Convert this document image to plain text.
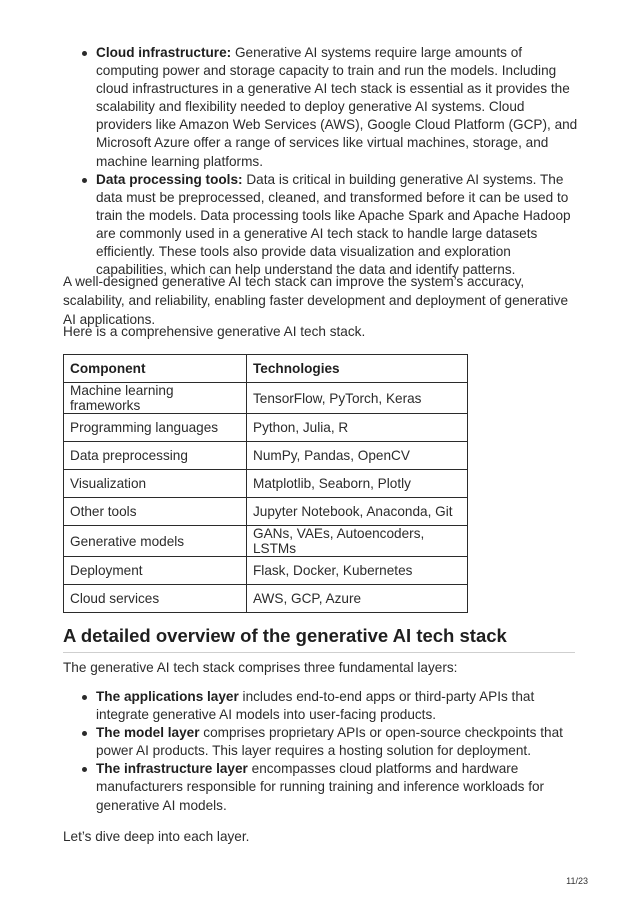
Cloud infrastructure: Generative AI systems require large amounts of computing power and storage capacity to train and run the models. Including cloud infrastructures in a generative AI tech stack is essential as it provides the scalability and flexibility needed to deploy generative AI systems. Cloud providers like Amazon Web Services (AWS), Google Cloud Platform (GCP), and Microsoft Azure offer a range of services like virtual machines, storage, and machine learning platforms.
Data processing tools: Data is critical in building generative AI systems. The data must be preprocessed, cleaned, and transformed before it can be used to train the models. Data processing tools like Apache Spark and Apache Hadoop are commonly used in a generative AI tech stack to handle large datasets efficiently. These tools also provide data visualization and exploration capabilities, which can help understand the data and identify patterns.

A well-designed generative AI tech stack can improve the system’s accuracy, scalability, and reliability, enabling faster development and deployment of generative AI applications.

Here is a comprehensive generative AI tech stack.

Component	Technologies
Machine learning frameworks	TensorFlow, PyTorch, Keras
Programming languages	Python, Julia, R
Data preprocessing	NumPy, Pandas, OpenCV
Visualization	Matplotlib, Seaborn, Plotly
Other tools	Jupyter Notebook, Anaconda, Git
Generative models	GANs, VAEs, Autoencoders, LSTMs
Deployment	Flask, Docker, Kubernetes
Cloud services	AWS, GCP, Azure
A detailed overview of the generative AI tech stack

The generative AI tech stack comprises three fundamental layers:

The applications layer includes end-to-end apps or third-party APIs that integrate generative AI models into user-facing products.
The model layer comprises proprietary APIs or open-source checkpoints that power AI products. This layer requires a hosting solution for deployment.
The infrastructure layer encompasses cloud platforms and hardware manufacturers responsible for running training and inference workloads for generative AI models.

Let’s dive deep into each layer.

11/23
